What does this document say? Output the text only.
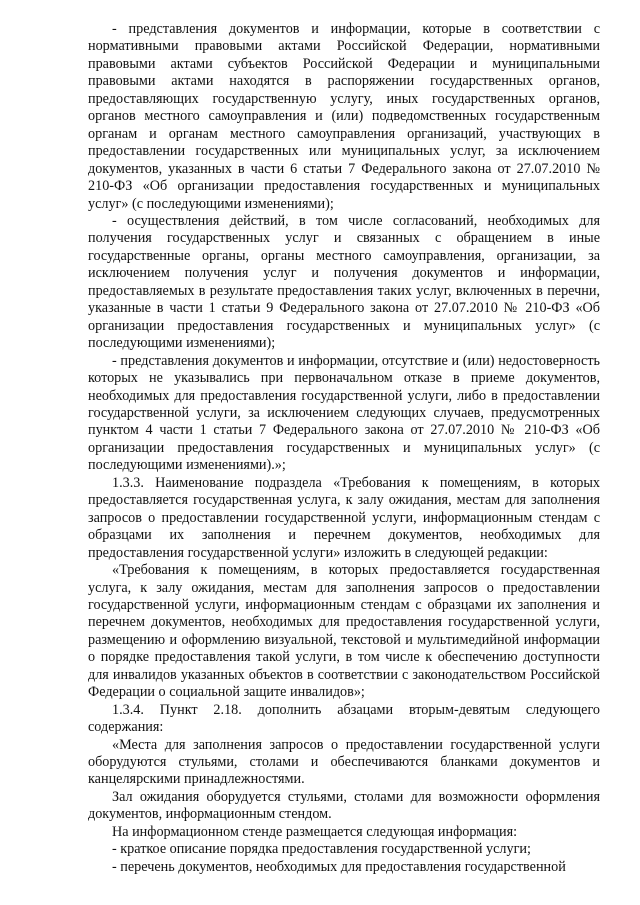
- представления документов и информации, которые в соответствии с нормативными правовыми актами Российской Федерации, нормативными правовыми актами субъектов Российской Федерации и муниципальными правовыми актами находятся в распоряжении государственных органов, предоставляющих государственную услугу, иных государственных органов, органов местного самоуправления и (или) подведомственных государственным органам и органам местного самоуправления организаций, участвующих в предоставлении государственных или муниципальных услуг, за исключением документов, указанных в части 6 статьи 7 Федерального закона от 27.07.2010 № 210-ФЗ «Об организации предоставления государственных и муниципальных услуг» (с последующими изменениями);

- осуществления действий, в том числе согласований, необходимых для получения государственных услуг и связанных с обращением в иные государственные органы, органы местного самоуправления, организации, за исключением получения услуг и получения документов и информации, предоставляемых в результате предоставления таких услуг, включенных в перечни, указанные в части 1 статьи 9 Федерального закона от 27.07.2010 № 210-ФЗ «Об организации предоставления государственных и муниципальных услуг» (с последующими изменениями);

- представления документов и информации, отсутствие и (или) недостоверность которых не указывались при первоначальном отказе в приеме документов, необходимых для предоставления государственной услуги, либо в предоставлении государственной услуги, за исключением следующих случаев, предусмотренных пунктом 4 части 1 статьи 7 Федерального закона от 27.07.2010 № 210-ФЗ «Об организации предоставления государственных и муниципальных услуг» (с последующими изменениями).»;

1.3.3. Наименование подраздела «Требования к помещениям, в которых предоставляется государственная услуга, к залу ожидания, местам для заполнения запросов о предоставлении государственной услуги, информационным стендам с образцами их заполнения и перечнем документов, необходимых для предоставления государственной услуги» изложить в следующей редакции:

«Требования к помещениям, в которых предоставляется государственная услуга, к залу ожидания, местам для заполнения запросов о предоставлении государственной услуги, информационным стендам с образцами их заполнения и перечнем документов, необходимых для предоставления государственной услуги, размещению и оформлению визуальной, текстовой и мультимедийной информации о порядке предоставления такой услуги, в том числе к обеспечению доступности для инвалидов указанных объектов в соответствии с законодательством Российской Федерации о социальной защите инвалидов»;

1.3.4. Пункт 2.18. дополнить абзацами вторым-девятым следующего содержания:

«Места для заполнения запросов о предоставлении государственной услуги оборудуются стульями, столами и обеспечиваются бланками документов и канцелярскими принадлежностями.

Зал ожидания оборудуется стульями, столами для возможности оформления документов, информационным стендом.

На информационном стенде размещается следующая информация:

- краткое описание порядка предоставления государственной услуги;

- перечень документов, необходимых для предоставления государственной
